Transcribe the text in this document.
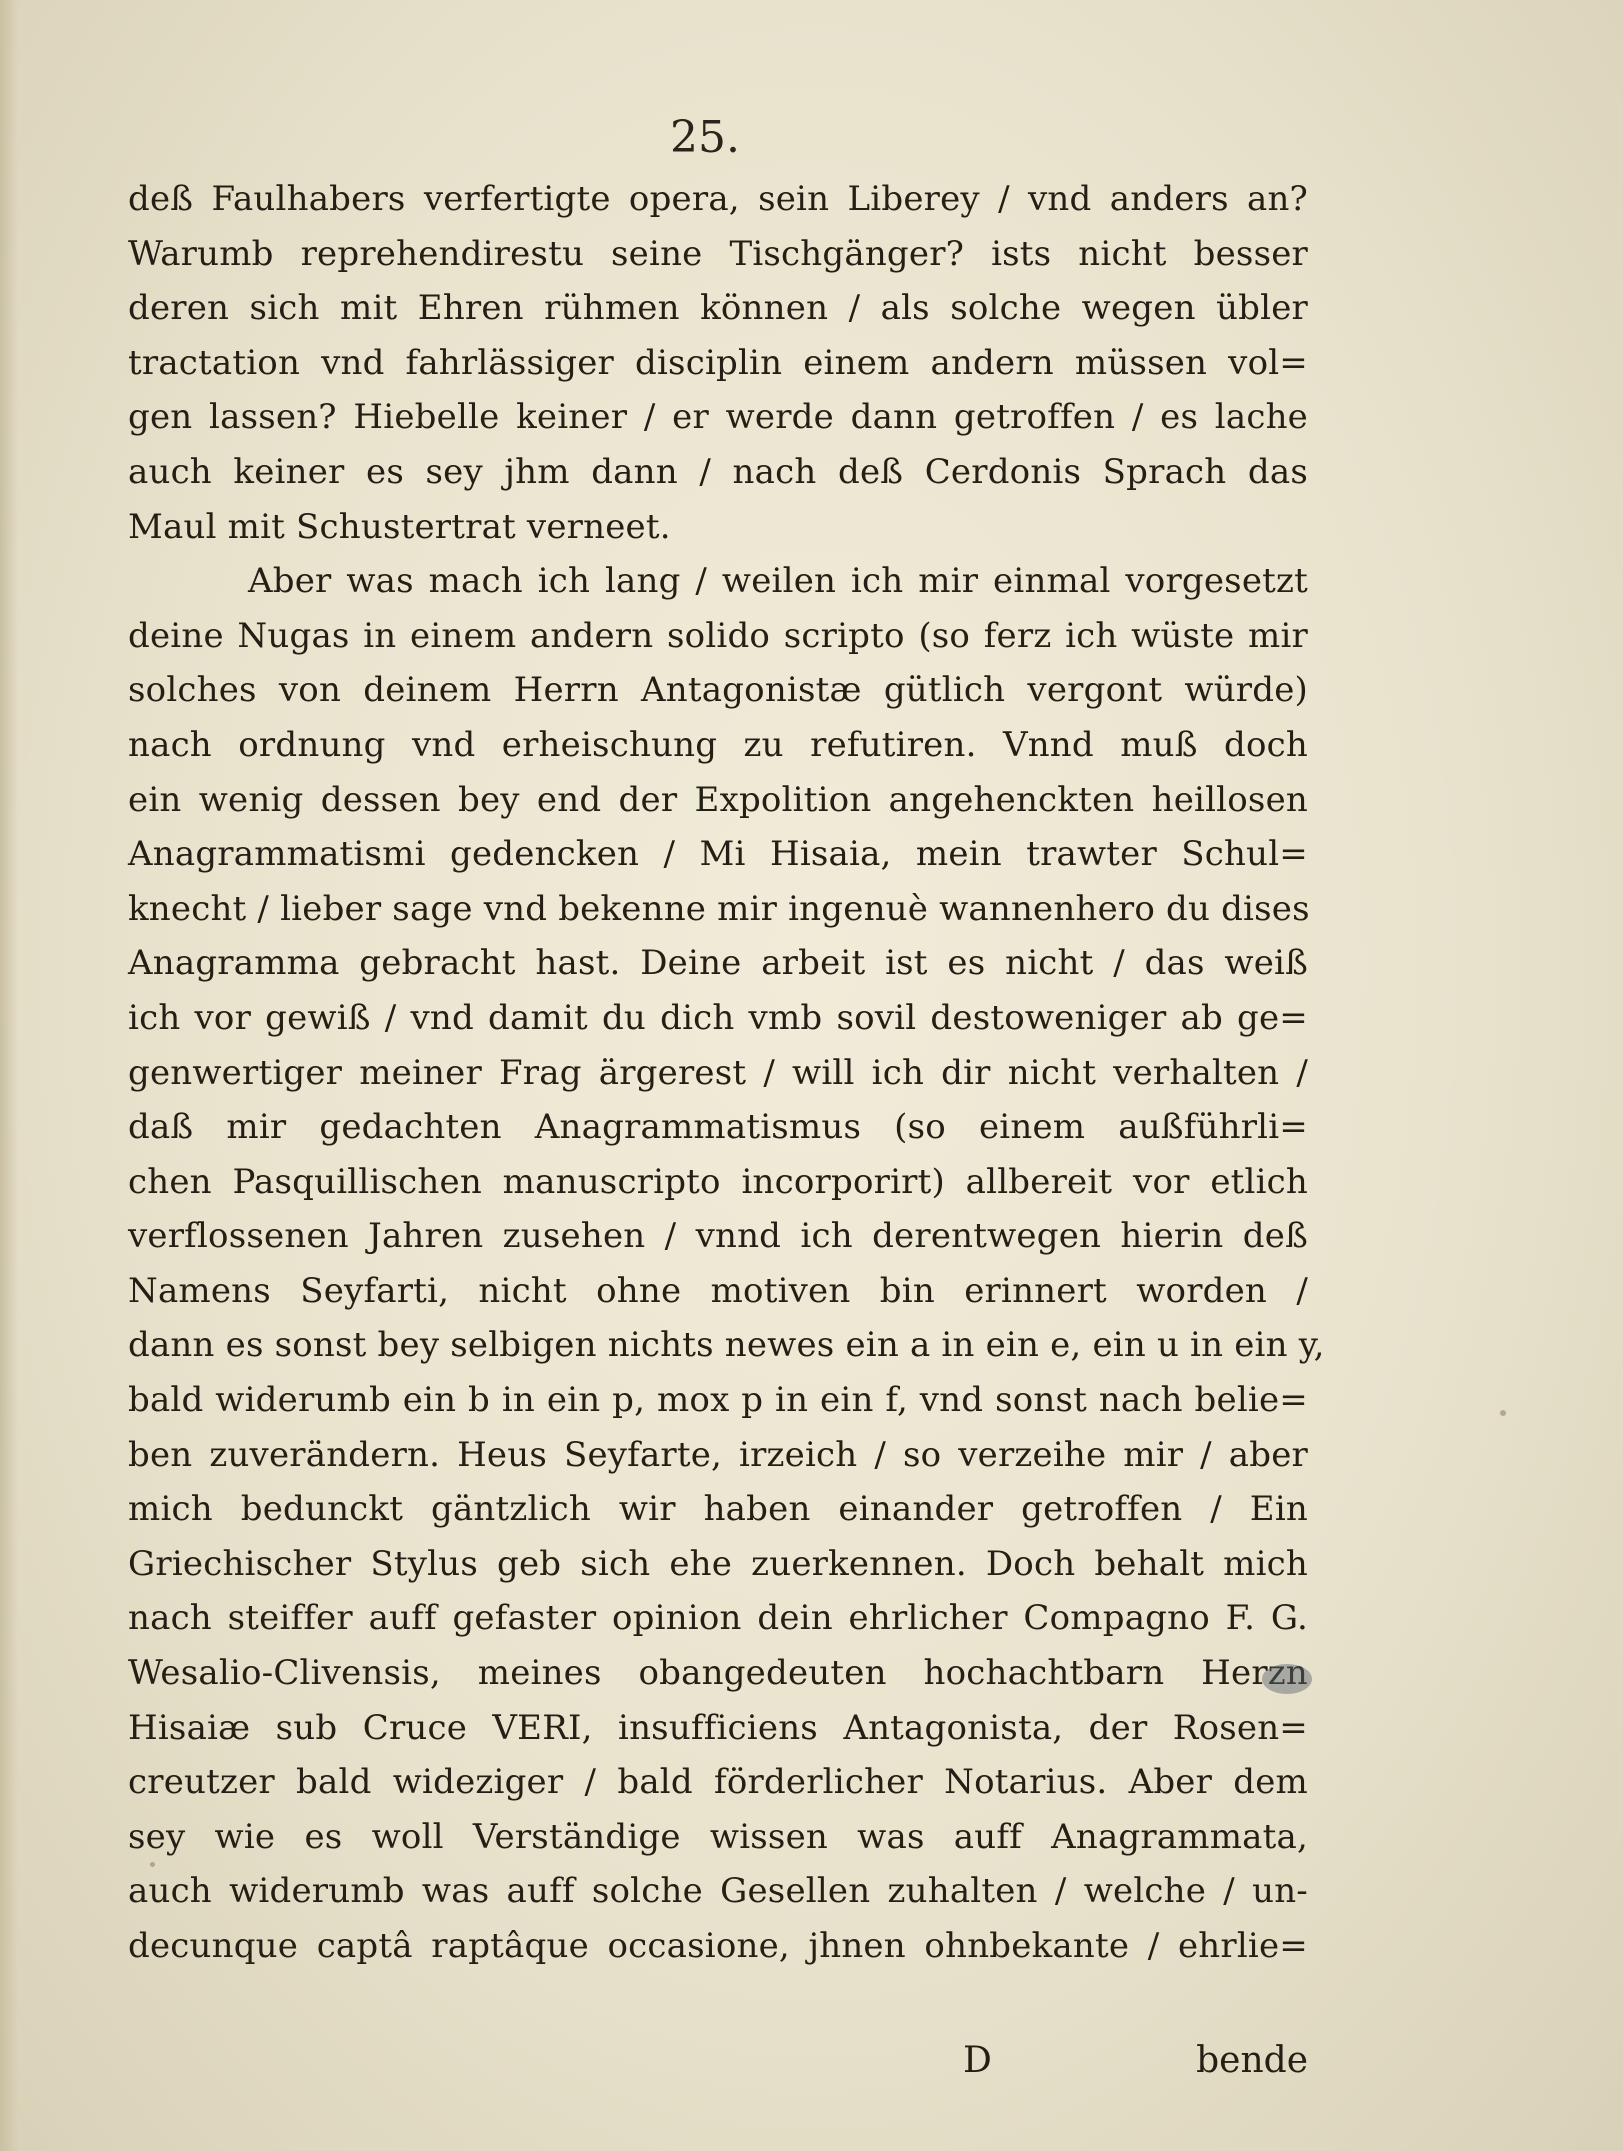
25.
deß Faulhabers verfertigte opera, sein Liberey / vnd anders an?
Warumb reprehendirestu seine Tischgänger? ists nicht besser
deren sich mit Ehren rühmen können / als solche wegen übler
tractation vnd fahrlässiger disciplin einem andern müssen vol=
gen lassen? Hiebelle keiner / er werde dann getroffen / es lache
auch keiner es sey jhm dann / nach deß Cerdonis Sprach das
Maul mit Schustertrat verneet.
Aber was mach ich lang / weilen ich mir einmal vorgesetzt
deine Nugas in einem andern solido scripto (so ferz ich wüste mir
solches von deinem Herrn Antagonistæ gütlich vergont würde)
nach ordnung vnd erheischung zu refutiren. Vnnd muß doch
ein wenig dessen bey end der Expolition angehenckten heillosen
Anagrammatismi gedencken / Mi Hisaia, mein trawter Schul=
knecht / lieber sage vnd bekenne mir ingenuè wannenhero du dises
Anagramma gebracht hast. Deine arbeit ist es nicht / das weiß
ich vor gewiß / vnd damit du dich vmb sovil destoweniger ab ge=
genwertiger meiner Frag ärgerest / will ich dir nicht verhalten /
daß mir gedachten Anagrammatismus (so einem außführli=
chen Pasquillischen manuscripto incorporirt) allbereit vor etlich
verflossenen Jahren zusehen / vnnd ich derentwegen hierin deß
Namens Seyfarti, nicht ohne motiven bin erinnert worden /
dann es sonst bey selbigen nichts newes ein a in ein e, ein u in ein y,
bald widerumb ein b in ein p, mox p in ein f, vnd sonst nach belie=
ben zuverändern. Heus Seyfarte, irzeich / so verzeihe mir / aber
mich bedunckt gäntzlich wir haben einander getroffen / Ein
Griechischer Stylus geb sich ehe zuerkennen. Doch behalt mich
nach steiffer auff gefaster opinion dein ehrlicher Compagno F. G.
Wesalio-Clivensis, meines obangedeuten hochachtbarn Herzn
Hisaiæ sub Cruce VERI, insufficiens Antagonista, der Rosen=
creutzer bald wideziger / bald förderlicher Notarius. Aber dem
sey wie es woll Verständige wissen was auff Anagrammata,
auch widerumb was auff solche Gesellen zuhalten / welche / un-
decunque captâ raptâque occasione, jhnen ohnbekante / ehrlie=
D	bende
